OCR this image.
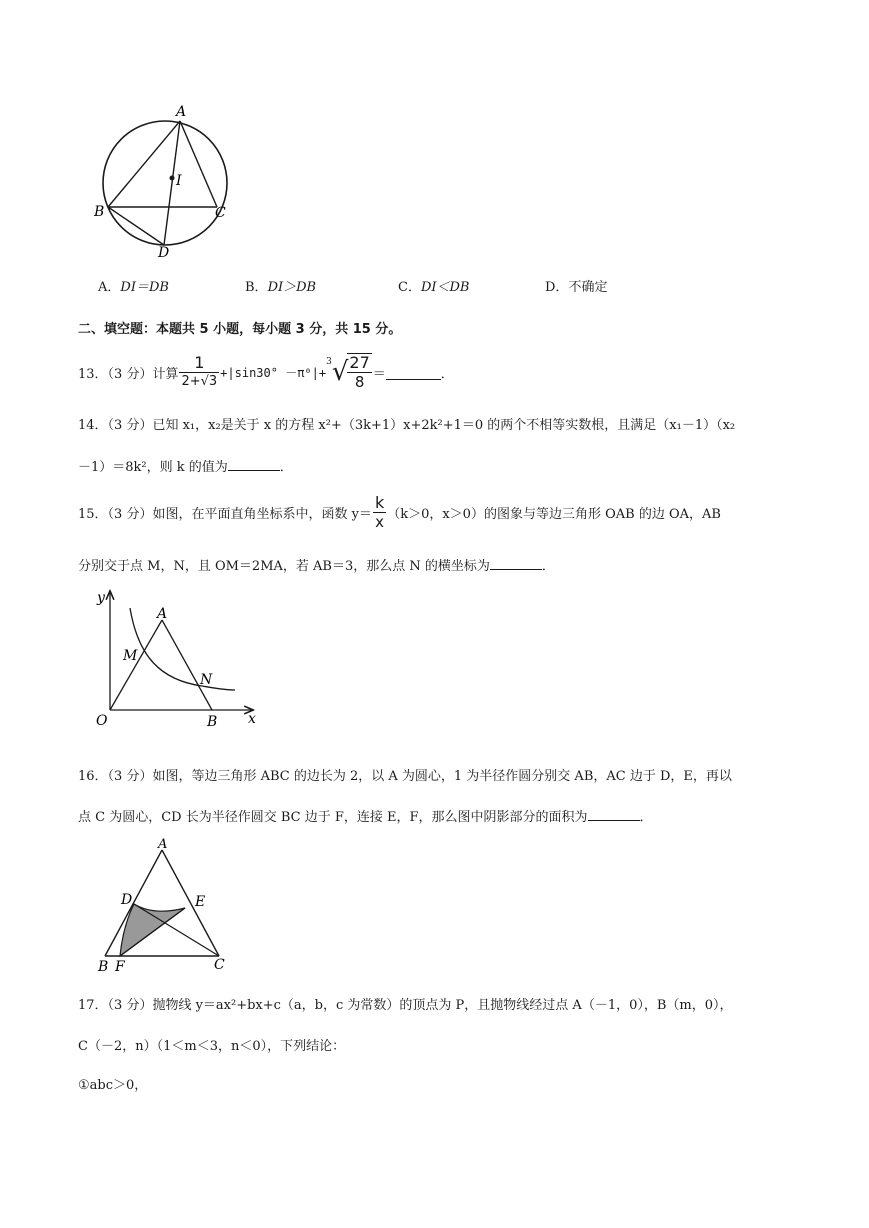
A
I
B	C
D
A．DI＝DB	B．DI＞DB	C．DI＜DB	D．不确定
二、填空题：本题共 5 小题，每小题 3 分，共 15 分。
13．（3 分）计算 $\frac{1}{2+√3} +|\sin 30^\circ -\pi^0|+$
3 √ $\frac{27}{8}$ ＝	．
14．（3 分）已知 x₁，x₂是关于 x 的方程 x²+（3k+1）x+2k²+1＝0 的两个不相等实数根，且满足（x₁－1）（x₂
－1）＝8k²，则 k 的值为	．
15．（3 分）如图，在平面直角坐标系中，函数 $y= \frac{k}{x} (k>0$，x＞0）的图象与等边三角形 OAB 的边 OA，AB
分别交于点 M，N，且 OM＝2MA，若 AB＝3，那么点 N 的横坐标为	．
y
x
O
A
M
N
B
16．（3 分）如图，等边三角形 ABC 的边长为 2，以 A 为圆心，1 为半径作圆分别交 AB，AC 边于 D，E，再以
点 C 为圆心，CD 长为半径作圆交 BC 边于 F，连接 E，F，那么图中阴影部分的面积为	．
A
D	E
B F	C
17．（3 分）抛物线 y＝ax²+bx+c（a，b，c 为常数）的顶点为 P，且抛物线经过点 A（－1，0），B（m，0），
C（－2，n）（1＜m＜3，n＜0），下列结论：
①abc＞0，
